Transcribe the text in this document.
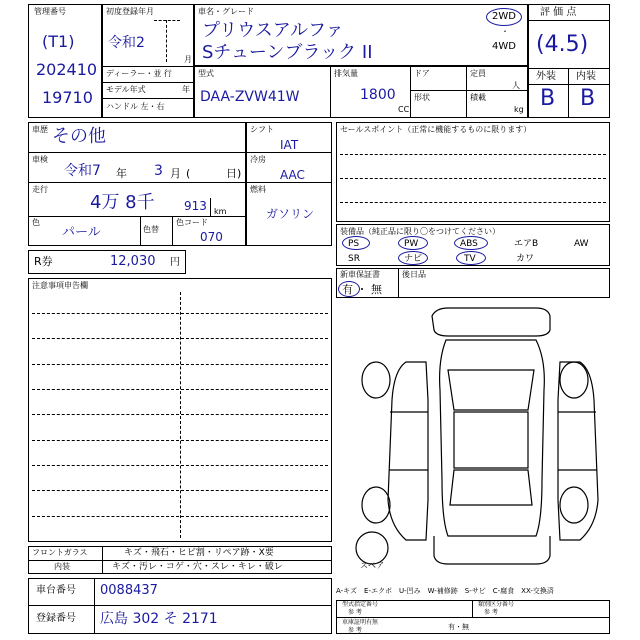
管理番号
(T1)
202410
19710
初度登録年月
令和2
月
ディーラー・並 行
モデル年式	年
ハンドル 左・右
車名・グレード
プリウスアルファ
Sチューンブラック II
2WD
・
4WD
型式
DAA-ZVW41W
排気量
1800
CC
ドア	定員
人
形状	積載
kg
評 価 点
(4.5)
外装 内装
B B
車歴 その他
車検
令和7 年 3 月 (	日)
走行
4万 8千 913 km
色
パール	色替
色コード
070
シフト
IAT
冷房
AAC
燃料
ガソリン
R券	12,030 円
セールスポイント（正常に機能するものに限ります）
装備品（純正品に限り〇をつけてください）
PS	PW	ABS	エアB	AW
SR	ナビ	TV	カワ
新車保証書
有 ・ 無
後日品
注意事項申告欄
スペア
フロントガラス	キズ・飛石・ヒビ割・リペア跡・X要
内装	キズ・汚レ・コゲ・穴・スレ・キレ・破レ
車台番号 0088437
登録番号 広島 302 そ 2171
A-キズ　E-エクボ　U-凹み　W-補修跡　S-サビ　C-腐食　XX-交換済
型式指定番号
参 考
類別区分番号
参 考
車庫証明有無
有・無
参 考
